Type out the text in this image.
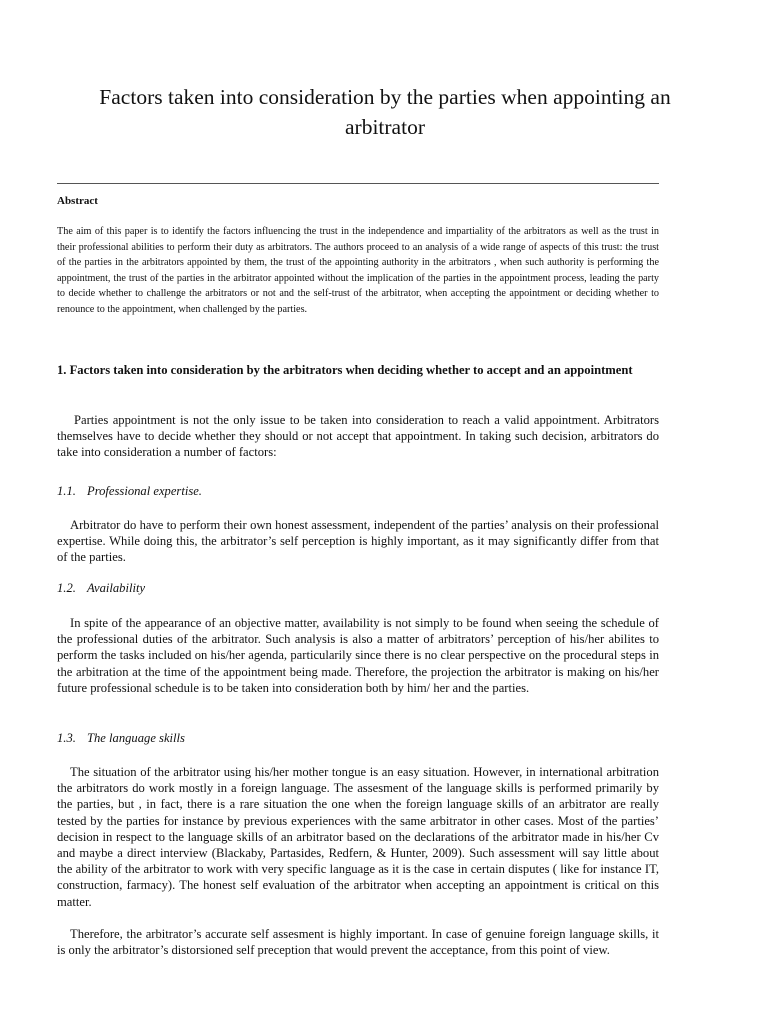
Factors taken into consideration by the parties when appointing an arbitrator
Abstract

The aim of this paper is to identify the factors influencing the trust in the independence and impartiality of the arbitrators as well as the trust in their professional abilities to perform their duty as arbitrators. The authors proceed to an analysis of a wide range of aspects of this trust: the trust of the parties in the arbitrators appointed by them, the trust of the appointing authority in the arbitrators , when such authority is performing the appointment, the trust of the parties in the arbitrator appointed without the implication of the parties in the appointment process, leading the party to decide whether to challenge the arbitrators or not and the self-trust of the arbitrator, when accepting the appointment or deciding whether to renounce to the appointment, when challenged by the parties.

1. Factors taken into consideration by the arbitrators when deciding whether to accept and an appointment

Parties appointment is not the only issue to be taken into consideration to reach a valid appointment. Arbitrators themselves have to decide whether they should or not accept that appointment. In taking such decision, arbitrators do take into consideration a number of factors:

1.1. Professional expertise.

Arbitrator do have to perform their own honest assessment, independent of the parties’ analysis on their professional expertise. While doing this, the arbitrator’s self perception is highly important, as it may significantly differ from that of the parties.

1.2. Availability

In spite of the appearance of an objective matter, availability is not simply to be found when seeing the schedule of the professional duties of the arbitrator. Such analysis is also a matter of arbitrators’ perception of his/her abilites to perform the tasks included on his/her agenda, particularily since there is no clear perspective on the procedural steps in the arbitration at the time of the appointment being made. Therefore, the projection the arbitrator is making on his/her future professional schedule is to be taken into consideration both by him/ her and the parties.

1.3. The language skills

The situation of the arbitrator using his/her mother tongue is an easy situation. However, in international arbitration the arbitrators do work mostly in a foreign language. The assesment of the language skills is performed primarily by the parties, but , in fact, there is a rare situation the one when the foreign language skills of an arbitrator are really tested by the parties for instance by previous experiences with the same arbitrator in other cases. Most of the parties’ decision in respect to the language skills of an arbitrator based on the declarations of the arbitrator made in his/her Cv and maybe a direct interview (Blackaby, Partasides, Redfern, & Hunter, 2009). Such assessment will say little about the ability of the arbitrator to work with very specific language as it is the case in certain disputes ( like for instance IT, construction, farmacy). The honest self evaluation of the arbitrator when accepting an appointment is critical on this matter.

Therefore, the arbitrator’s accurate self assesment is highly important. In case of genuine foreign language skills, it is only the arbitrator’s distorsioned self preception that would prevent the acceptance, from this point of view.
